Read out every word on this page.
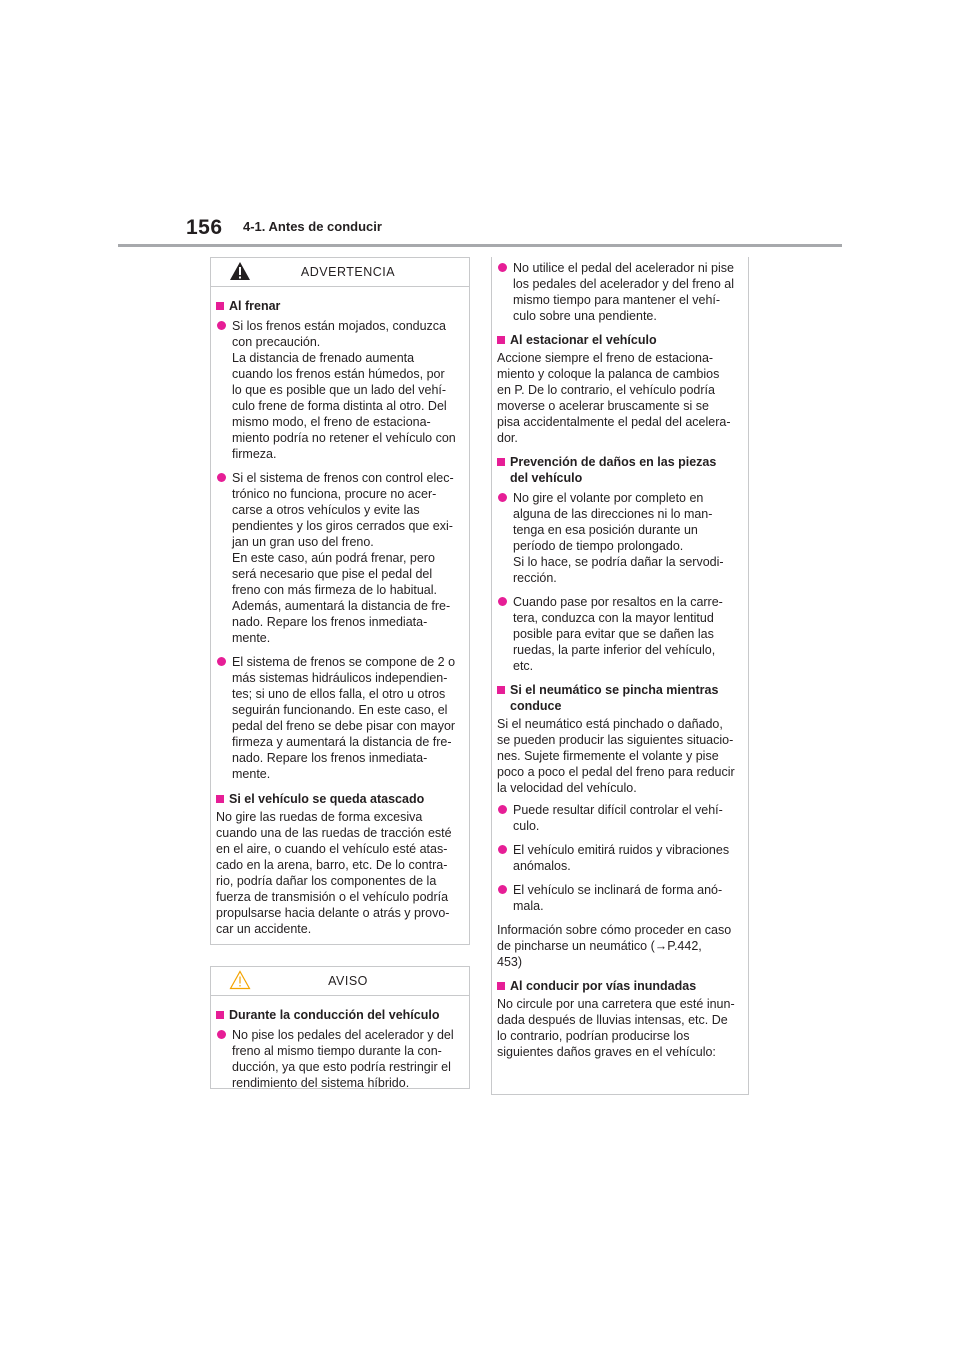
156 4-1. Antes de conducir
ADVERTENCIA
Al frenar
Si los frenos están mojados, conduzca
con precaución.
La distancia de frenado aumenta
cuando los frenos están húmedos, por
lo que es posible que un lado del vehí-
culo frene de forma distinta al otro. Del
mismo modo, el freno de estaciona-
miento podría no retener el vehículo con
firmeza.
Si el sistema de frenos con control elec-
trónico no funciona, procure no acer-
carse a otros vehículos y evite las
pendientes y los giros cerrados que exi-
jan un gran uso del freno.
En este caso, aún podrá frenar, pero
será necesario que pise el pedal del
freno con más firmeza de lo habitual.
Además, aumentará la distancia de fre-
nado. Repare los frenos inmediata-
mente.
El sistema de frenos se compone de 2 o
más sistemas hidráulicos independien-
tes; si uno de ellos falla, el otro u otros
seguirán funcionando. En este caso, el
pedal del freno se debe pisar con mayor
firmeza y aumentará la distancia de fre-
nado. Repare los frenos inmediata-
mente.
Si el vehículo se queda atascado
No gire las ruedas de forma excesiva
cuando una de las ruedas de tracción esté
en el aire, o cuando el vehículo esté atas-
cado en la arena, barro, etc. De lo contra-
rio, podría dañar los componentes de la
fuerza de transmisión o el vehículo podría
propulsarse hacia delante o atrás y provo-
car un accidente.
AVISO
Durante la conducción del vehículo
No pise los pedales del acelerador y del
freno al mismo tiempo durante la con-
ducción, ya que esto podría restringir el
rendimiento del sistema híbrido.
No utilice el pedal del acelerador ni pise
los pedales del acelerador y del freno al
mismo tiempo para mantener el vehí-
culo sobre una pendiente.
Al estacionar el vehículo
Accione siempre el freno de estaciona-
miento y coloque la palanca de cambios
en P. De lo contrario, el vehículo podría
moverse o acelerar bruscamente si se
pisa accidentalmente el pedal del acelera-
dor.
Prevención de daños en las piezas
del vehículo
No gire el volante por completo en
alguna de las direcciones ni lo man-
tenga en esa posición durante un
período de tiempo prolongado.
Si lo hace, se podría dañar la servodi-
rección.
Cuando pase por resaltos en la carre-
tera, conduzca con la mayor lentitud
posible para evitar que se dañen las
ruedas, la parte inferior del vehículo,
etc.
Si el neumático se pincha mientras
conduce
Si el neumático está pinchado o dañado,
se pueden producir las siguientes situacio-
nes. Sujete firmemente el volante y pise
poco a poco el pedal del freno para reducir
la velocidad del vehículo.
Puede resultar difícil controlar el vehí-
culo.
El vehículo emitirá ruidos y vibraciones
anómalos.
El vehículo se inclinará de forma anó-
mala.
Información sobre cómo proceder en caso
de pincharse un neumático (→P.442,
453)
Al conducir por vías inundadas
No circule por una carretera que esté inun-
dada después de lluvias intensas, etc. De
lo contrario, podrían producirse los
siguientes daños graves en el vehículo:
